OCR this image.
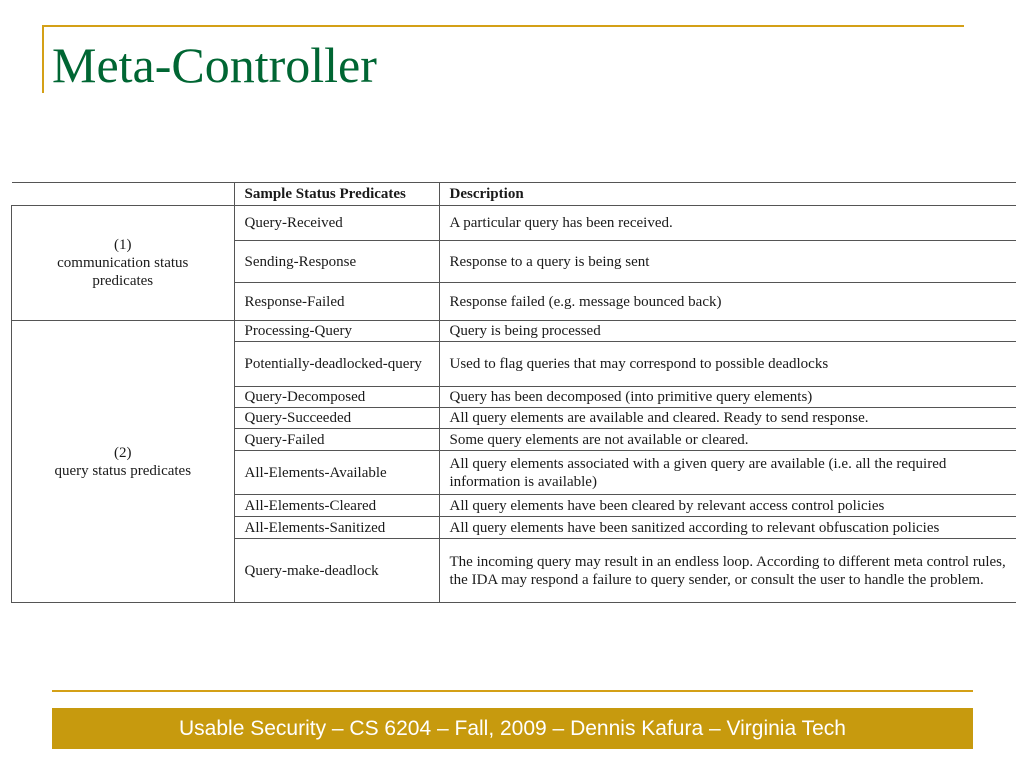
Meta-Controller
	Sample Status Predicates	Description

(1)
communication status
predicates	Query-Received	A particular query has been received.
	Sending-Response	Response to a query is being sent
	Response-Failed	Response failed (e.g. message bounced back)

(2)
query status predicates	Processing-Query	Query is being processed
	Potentially-deadlocked-query	Used to flag queries that may correspond to possible deadlocks
	Query-Decomposed	Query has been decomposed (into primitive query elements)
	Query-Succeeded	All query elements are available and cleared. Ready to send response.
	Query-Failed	Some query elements are not available or cleared.
	All-Elements-Available	All query elements associated with a given query are available (i.e. all the required information is available)
	All-Elements-Cleared	All query elements have been cleared by relevant access control policies
	All-Elements-Sanitized	All query elements have been sanitized according to relevant obfuscation policies
	Query-make-deadlock	The incoming query may result in an endless loop. According to different meta control rules, the IDA may respond a failure to query sender, or consult the user to handle the problem.
Usable Security – CS 6204 – Fall, 2009 – Dennis Kafura – Virginia Tech
